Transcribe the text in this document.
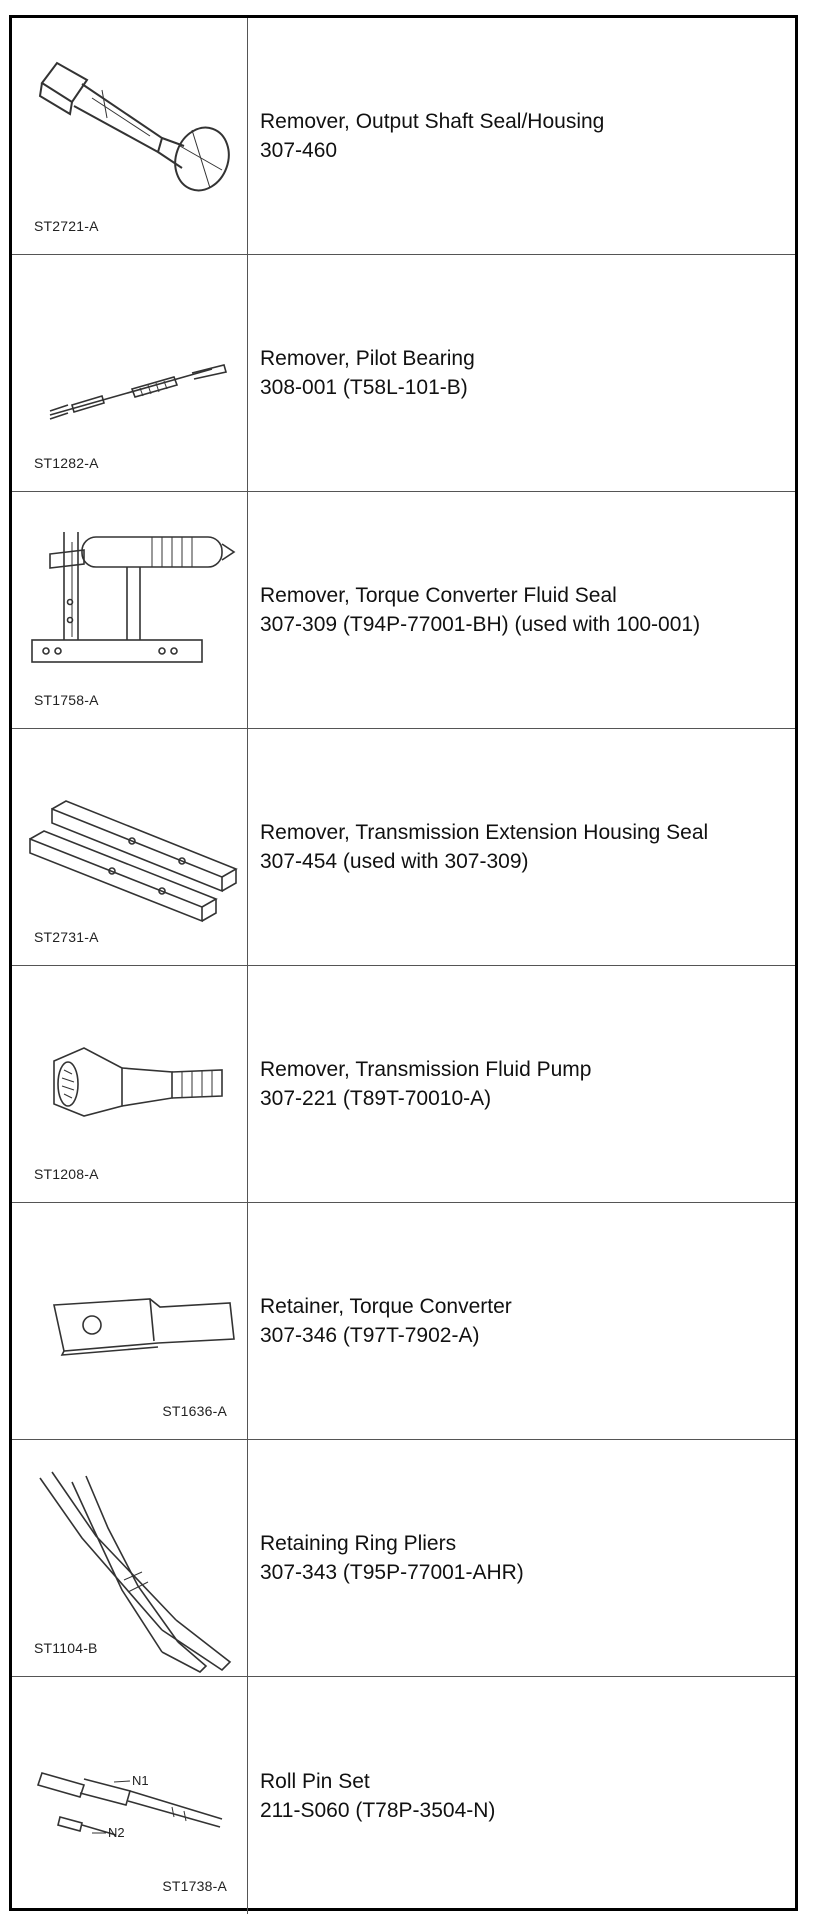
ST2721-A
Remover, Output Shaft Seal/Housing
307-460
ST1282-A
Remover, Pilot Bearing
308-001 (T58L-101-B)
ST1758-A
Remover, Torque Converter Fluid Seal
307-309 (T94P-77001-BH) (used with 100-001)
ST2731-A
Remover, Transmission Extension Housing Seal
307-454 (used with 307-309)
ST1208-A
Remover, Transmission Fluid Pump
307-221 (T89T-70010-A)
ST1636-A
Retainer, Torque Converter
307-346 (T97T-7902-A)
ST1104-B
Retaining Ring Pliers
307-343 (T95P-77001-AHR)
N1
N2
ST1738-A
Roll Pin Set
211-S060 (T78P-3504-N)
